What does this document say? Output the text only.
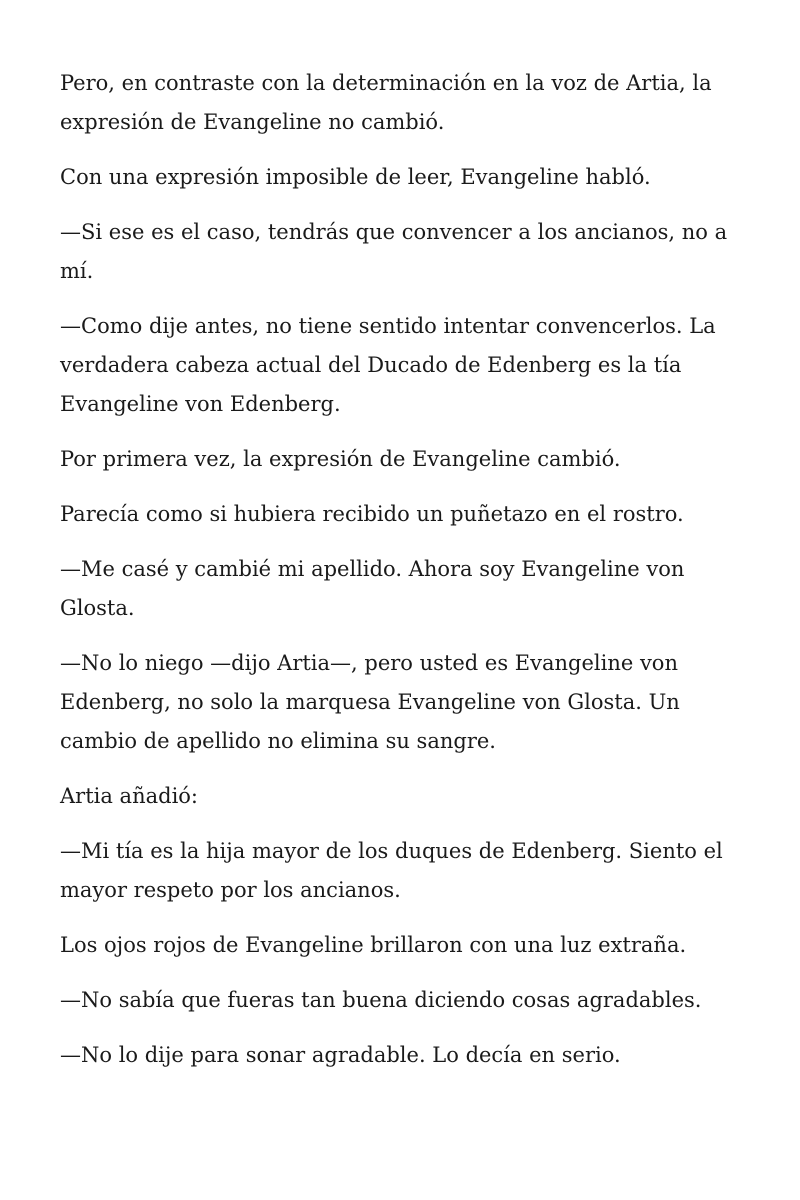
Pero, en contraste con la determinación en la voz de Artia, la expresión de Evangeline no cambió.

Con una expresión imposible de leer, Evangeline habló.

—Si ese es el caso, tendrás que convencer a los ancianos, no a mí.

—Como dije antes, no tiene sentido intentar convencerlos. La verdadera cabeza actual del Ducado de Edenberg es la tía Evangeline von Edenberg.

Por primera vez, la expresión de Evangeline cambió.

Parecía como si hubiera recibido un puñetazo en el rostro.

—Me casé y cambié mi apellido. Ahora soy Evangeline von Glosta.

—No lo niego —dijo Artia—, pero usted es Evangeline von Edenberg, no solo la marquesa Evangeline von Glosta. Un cambio de apellido no elimina su sangre.

Artia añadió:

—Mi tía es la hija mayor de los duques de Edenberg. Siento el mayor respeto por los ancianos.

Los ojos rojos de Evangeline brillaron con una luz extraña.

—No sabía que fueras tan buena diciendo cosas agradables.

—No lo dije para sonar agradable. Lo decía en serio.
